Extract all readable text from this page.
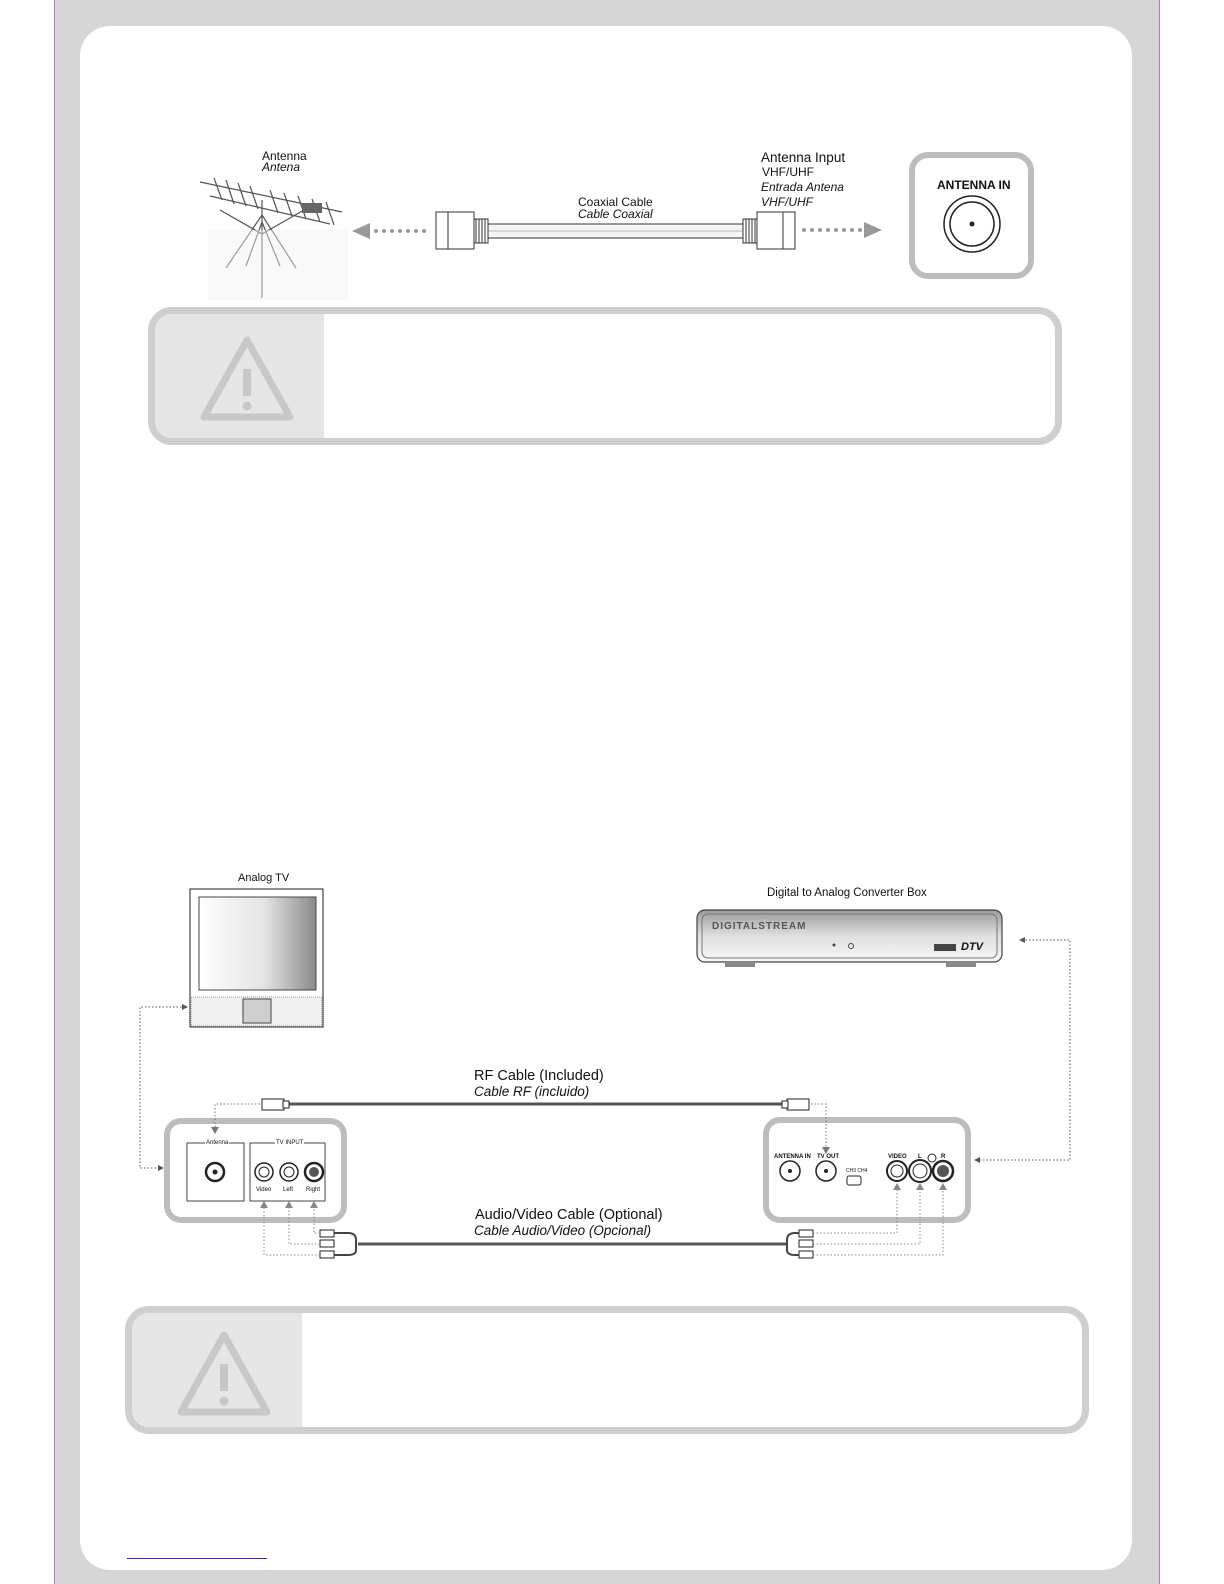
Antenna
Antena
Coaxial Cable
Cable Coaxial
Antenna Input
VHF/UHF
Entrada Antena
VHF/UHF
ANTENNA IN
Analog TV
Digital to Analog Converter Box
DIGITALSTREAM
DTV
RF Cable (Included)
Cable RF (incluido)
Audio/Video Cable (Optional)
Cable Audio/Video (Opcional)
Antenna	TV INPUT
Video Left Right
ANTENNA IN TV OUT
CH3 CH4
VIDEO L	R
